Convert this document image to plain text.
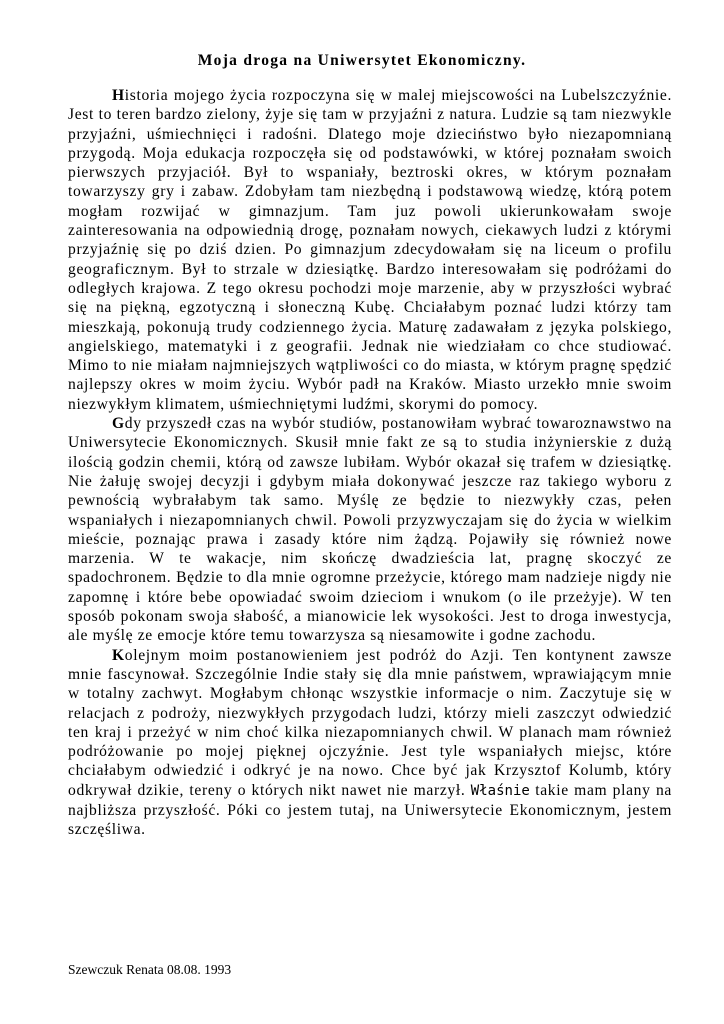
Moja droga na Uniwersytet Ekonomiczny.

Historia mojego życia rozpoczyna się w malej miejscowości na Lubelszczyźnie. Jest to teren bardzo zielony, żyje się tam w przyjaźni z natura. Ludzie są tam niezwykle przyjaźni, uśmiechnięci i radośni. Dlatego moje dzieciństwo było niezapomnianą przygodą. Moja edukacja rozpoczęła się od podstawówki, w której poznałam swoich pierwszych przyjaciół. Był to wspaniały, beztroski okres, w którym poznałam towarzyszy gry i zabaw. Zdobyłam tam niezbędną i podstawową wiedzę, którą potem mogłam rozwijać w gimnazjum. Tam juz powoli ukierunkowałam swoje zainteresowania na odpowiednią drogę, poznałam nowych, ciekawych ludzi z którymi przyjaźnię się po dziś dzien. Po gimnazjum zdecydowałam się na liceum o profilu geograficznym. Był to strzale w dziesiątkę. Bardzo interesowałam się podróżami do odległych krajowa. Z tego okresu pochodzi moje marzenie, aby w przyszłości wybrać się na piękną, egzotyczną i słoneczną Kubę. Chciałabym poznać ludzi którzy tam mieszkają, pokonują trudy codziennego życia. Maturę zadawałam z języka polskiego, angielskiego, matematyki i z geografii. Jednak nie wiedziałam co chce studiować. Mimo to nie miałam najmniejszych wątpliwości co do miasta, w którym pragnę spędzić najlepszy okres w moim życiu. Wybór padł na Kraków. Miasto urzekło mnie swoim niezwykłym klimatem, uśmiechniętymi ludźmi, skorymi do pomocy.

Gdy przyszedł czas na wybór studiów, postanowiłam wybrać towaroznawstwo na Uniwersytecie Ekonomicznych. Skusił mnie fakt ze są to studia inżynierskie z dużą ilością godzin chemii, którą od zawsze lubiłam. Wybór okazał się trafem w dziesiątkę. Nie żałuję swojej decyzji i gdybym miała dokonywać jeszcze raz takiego wyboru z pewnością wybrałabym tak samo. Myślę ze będzie to niezwykły czas, pełen wspaniałych i niezapomnianych chwil. Powoli przyzwyczajam się do życia w wielkim mieście, poznając prawa i zasady które nim żądzą. Pojawiły się również nowe marzenia. W te wakacje, nim skończę dwadzieścia lat, pragnę skoczyć ze spadochronem. Będzie to dla mnie ogromne przeżycie, którego mam nadzieje nigdy nie zapomnę i które bebe opowiadać swoim dzieciom i wnukom (o ile przeżyje). W ten sposób pokonam swoja słabość, a mianowicie lek wysokości. Jest to droga inwestycja, ale myślę ze emocje które temu towarzysza są niesamowite i godne zachodu.

Kolejnym moim postanowieniem jest podróż do Azji. Ten kontynent zawsze mnie fascynował. Szczególnie Indie stały się dla mnie państwem, wprawiającym mnie w totalny zachwyt. Mogłabym chłonąc wszystkie informacje o nim. Zaczytuje się w relacjach z podroży, niezwykłych przygodach ludzi, którzy mieli zaszczyt odwiedzić ten kraj i przeżyć w nim choć kilka niezapomnianych chwil. W planach mam również podróżowanie po mojej pięknej ojczyźnie. Jest tyle wspaniałych miejsc, które chciałabym odwiedzić i odkryć je na nowo. Chce być jak Krzysztof Kolumb, który odkrywał dzikie, tereny o których nikt nawet nie marzył. Właśnie takie mam plany na najbliższa przyszłość. Póki co jestem tutaj, na Uniwersytecie Ekonomicznym, jestem szczęśliwa.

Szewczuk Renata 08.08. 1993
